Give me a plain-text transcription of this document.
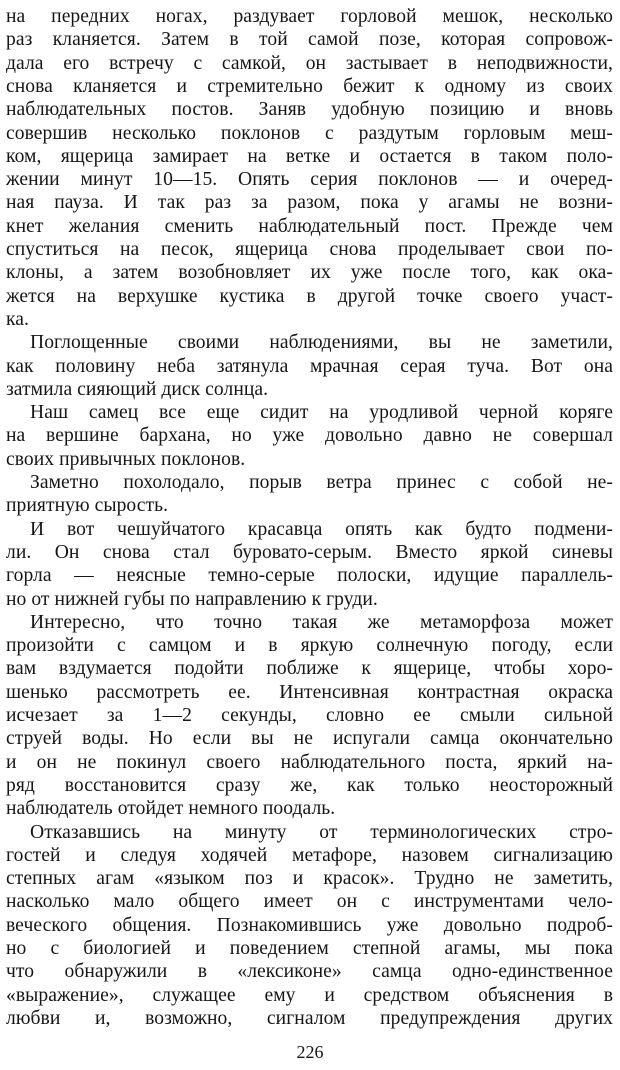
на передних ногах, раздувает горловой мешок, несколько
раз кланяется. Затем в той самой позе, которая сопровож-
дала его встречу с самкой, он застывает в неподвижности,
снова кланяется и стремительно бежит к одному из своих
наблюдательных постов. Заняв удобную позицию и вновь
совершив несколько поклонов с раздутым горловым меш-
ком, ящерица замирает на ветке и остается в таком поло-
жении минут 10—15. Опять серия поклонов — и очеред-
ная пауза. И так раз за разом, пока у агамы не возни-
кнет желания сменить наблюдательный пост. Прежде чем
спуститься на песок, ящерица снова проделывает свои по-
клоны, а затем возобновляет их уже после того, как ока-
жется на верхушке кустика в другой точке своего участ-
ка.
Поглощенные своими наблюдениями, вы не заметили,
как половину неба затянула мрачная серая туча. Вот она
затмила сияющий диск солнца.
Наш самец все еще сидит на уродливой черной коряге
на вершине бархана, но уже довольно давно не совершал
своих привычных поклонов.
Заметно похолодало, порыв ветра принес с собой не-
приятную сырость.
И вот чешуйчатого красавца опять как будто подмени-
ли. Он снова стал буровато-серым. Вместо яркой синевы
горла — неясные темно-серые полоски, идущие параллель-
но от нижней губы по направлению к груди.
Интересно, что точно такая же метаморфоза может
произойти с самцом и в яркую солнечную погоду, если
вам вздумается подойти поближе к ящерице, чтобы хоро-
шенько рассмотреть ее. Интенсивная контрастная окраска
исчезает за 1—2 секунды, словно ее смыли сильной
струей воды. Но если вы не испугали самца окончательно
и он не покинул своего наблюдательного поста, яркий на-
ряд восстановится сразу же, как только неосторожный
наблюдатель отойдет немного поодаль.
Отказавшись на минуту от терминологических стро-
гостей и следуя ходячей метафоре, назовем сигнализацию
степных агам «языком поз и красок». Трудно не заметить,
насколько мало общего имеет он с инструментами чело-
веческого общения. Познакомившись уже довольно подроб-
но с биологией и поведением степной агамы, мы пока
что обнаружили в «лексиконе» самца одно-единственное
«выражение», служащее ему и средством объяснения в
любви и, возможно, сигналом предупреждения других
226
